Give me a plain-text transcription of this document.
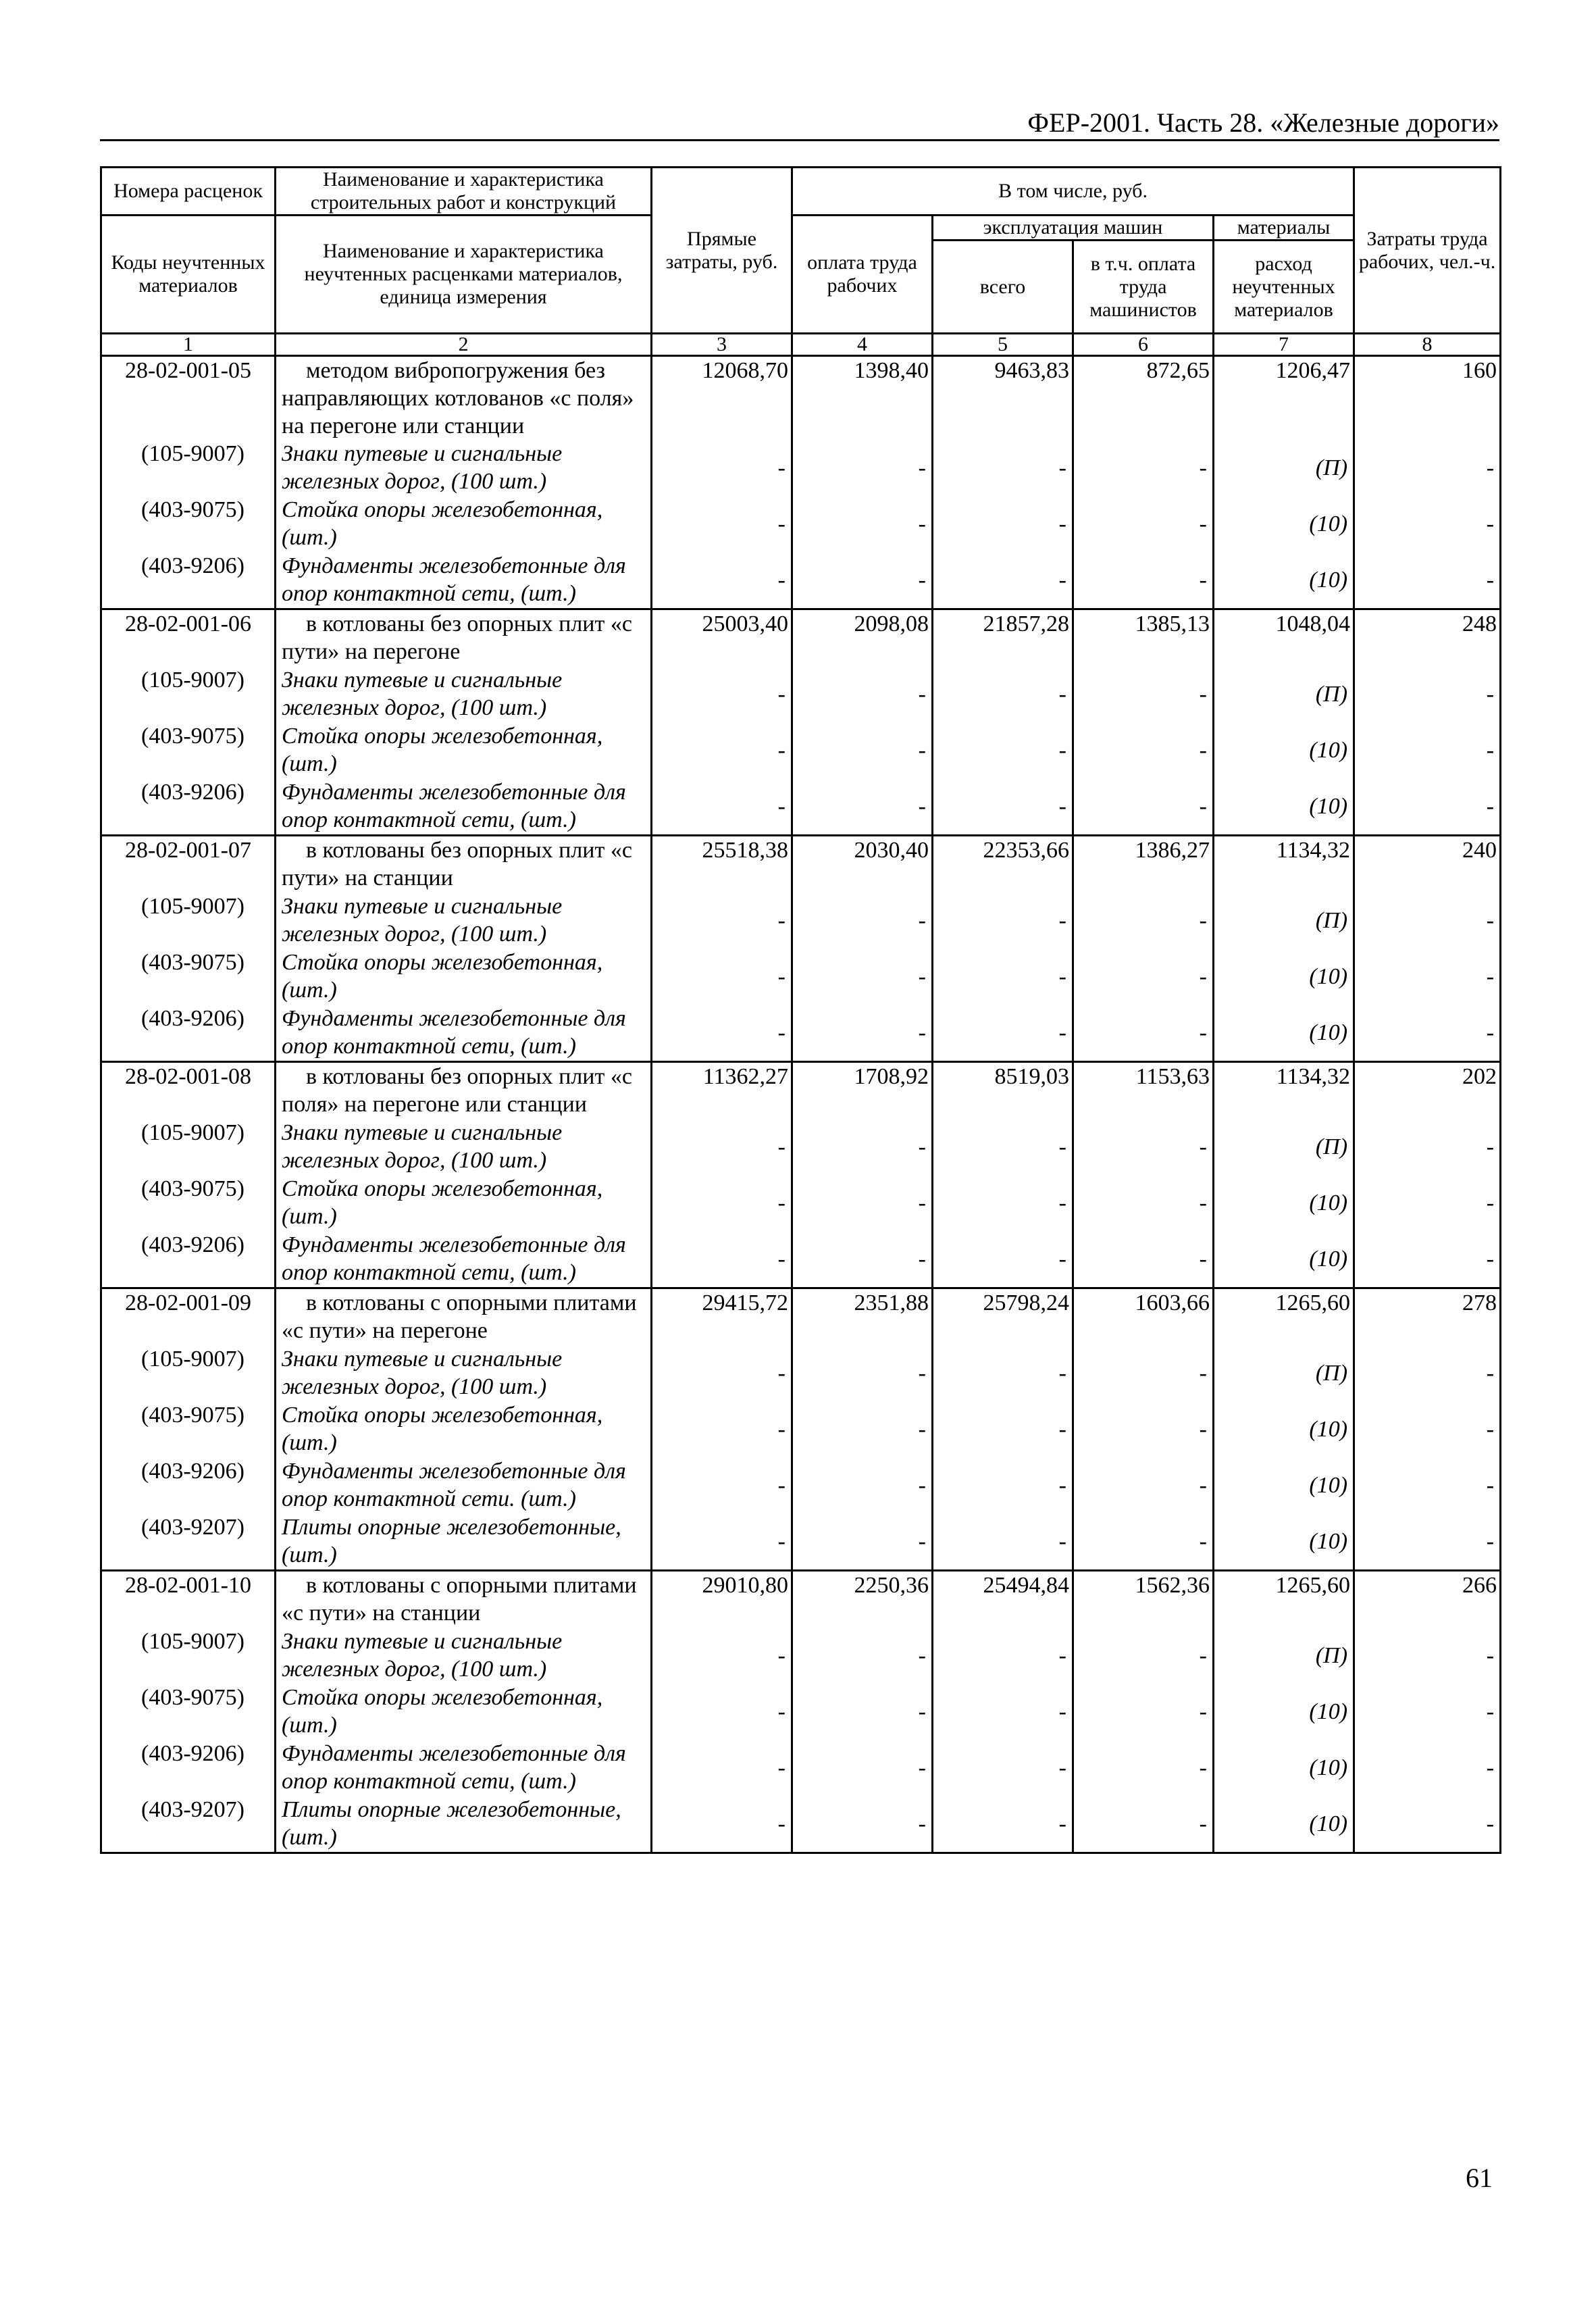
ФЕР-2001. Часть 28. «Железные дороги»
Номера расценок	Наименование и характеристика строительных работ и конструкций	Прямые затраты, руб.	В том числе, руб.				Затраты труда рабочих, чел.-ч.
Коды неучтенных материалов	Наименование и характеристика неучтенных расценками материалов, единица измерения		оплата труда рабочих	эксплуатация машин		материалы	
				всего	в т.ч. оплата труда машинистов	расход неучтенных материалов	
1	2	3	4	5	6	7	8
28-02-001-05	методом вибропогружения без направляющих котлованов «с поля» на перегоне или станции	12068,70	1398,40	9463,83	872,65	1206,47	160
(105-9007)	Знаки путевые и сигнальные железных дорог, (100 шт.)	-	-	-	-	(П)	-
(403-9075)	Стойка опоры железобетонная, (шт.)	-	-	-	-	(10)	-
(403-9206)	Фундаменты железобетонные для опор контактной сети, (шт.)	-	-	-	-	(10)	-
28-02-001-06	в котлованы без опорных плит «с пути» на перегоне	25003,40	2098,08	21857,28	1385,13	1048,04	248
(105-9007)	Знаки путевые и сигнальные железных дорог, (100 шт.)	-	-	-	-	(П)	-
(403-9075)	Стойка опоры железобетонная, (шт.)	-	-	-	-	(10)	-
(403-9206)	Фундаменты железобетонные для опор контактной сети, (шт.)	-	-	-	-	(10)	-
28-02-001-07	в котлованы без опорных плит «с пути» на станции	25518,38	2030,40	22353,66	1386,27	1134,32	240
(105-9007)	Знаки путевые и сигнальные железных дорог, (100 шт.)	-	-	-	-	(П)	-
(403-9075)	Стойка опоры железобетонная, (шт.)	-	-	-	-	(10)	-
(403-9206)	Фундаменты железобетонные для опор контактной сети, (шт.)	-	-	-	-	(10)	-
28-02-001-08	в котлованы без опорных плит «с поля» на перегоне или станции	11362,27	1708,92	8519,03	1153,63	1134,32	202
(105-9007)	Знаки путевые и сигнальные железных дорог, (100 шт.)	-	-	-	-	(П)	-
(403-9075)	Стойка опоры железобетонная, (шт.)	-	-	-	-	(10)	-
(403-9206)	Фундаменты железобетонные для опор контактной сети, (шт.)	-	-	-	-	(10)	-
28-02-001-09	в котлованы с опорными плитами «с пути» на перегоне	29415,72	2351,88	25798,24	1603,66	1265,60	278
(105-9007)	Знаки путевые и сигнальные железных дорог, (100 шт.)	-	-	-	-	(П)	-
(403-9075)	Стойка опоры железобетонная, (шт.)	-	-	-	-	(10)	-
(403-9206)	Фундаменты железобетонные для опор контактной сети. (шт.)	-	-	-	-	(10)	-
(403-9207)	Плиты опорные железобетонные, (шт.)	-	-	-	-	(10)	-
28-02-001-10	в котлованы с опорными плитами «с пути» на станции	29010,80	2250,36	25494,84	1562,36	1265,60	266
(105-9007)	Знаки путевые и сигнальные железных дорог, (100 шт.)	-	-	-	-	(П)	-
(403-9075)	Стойка опоры железобетонная, (шт.)	-	-	-	-	(10)	-
(403-9206)	Фундаменты железобетонные для опор контактной сети, (шт.)	-	-	-	-	(10)	-
(403-9207)	Плиты опорные железобетонные, (шт.)	-	-	-	-	(10)	-
61
